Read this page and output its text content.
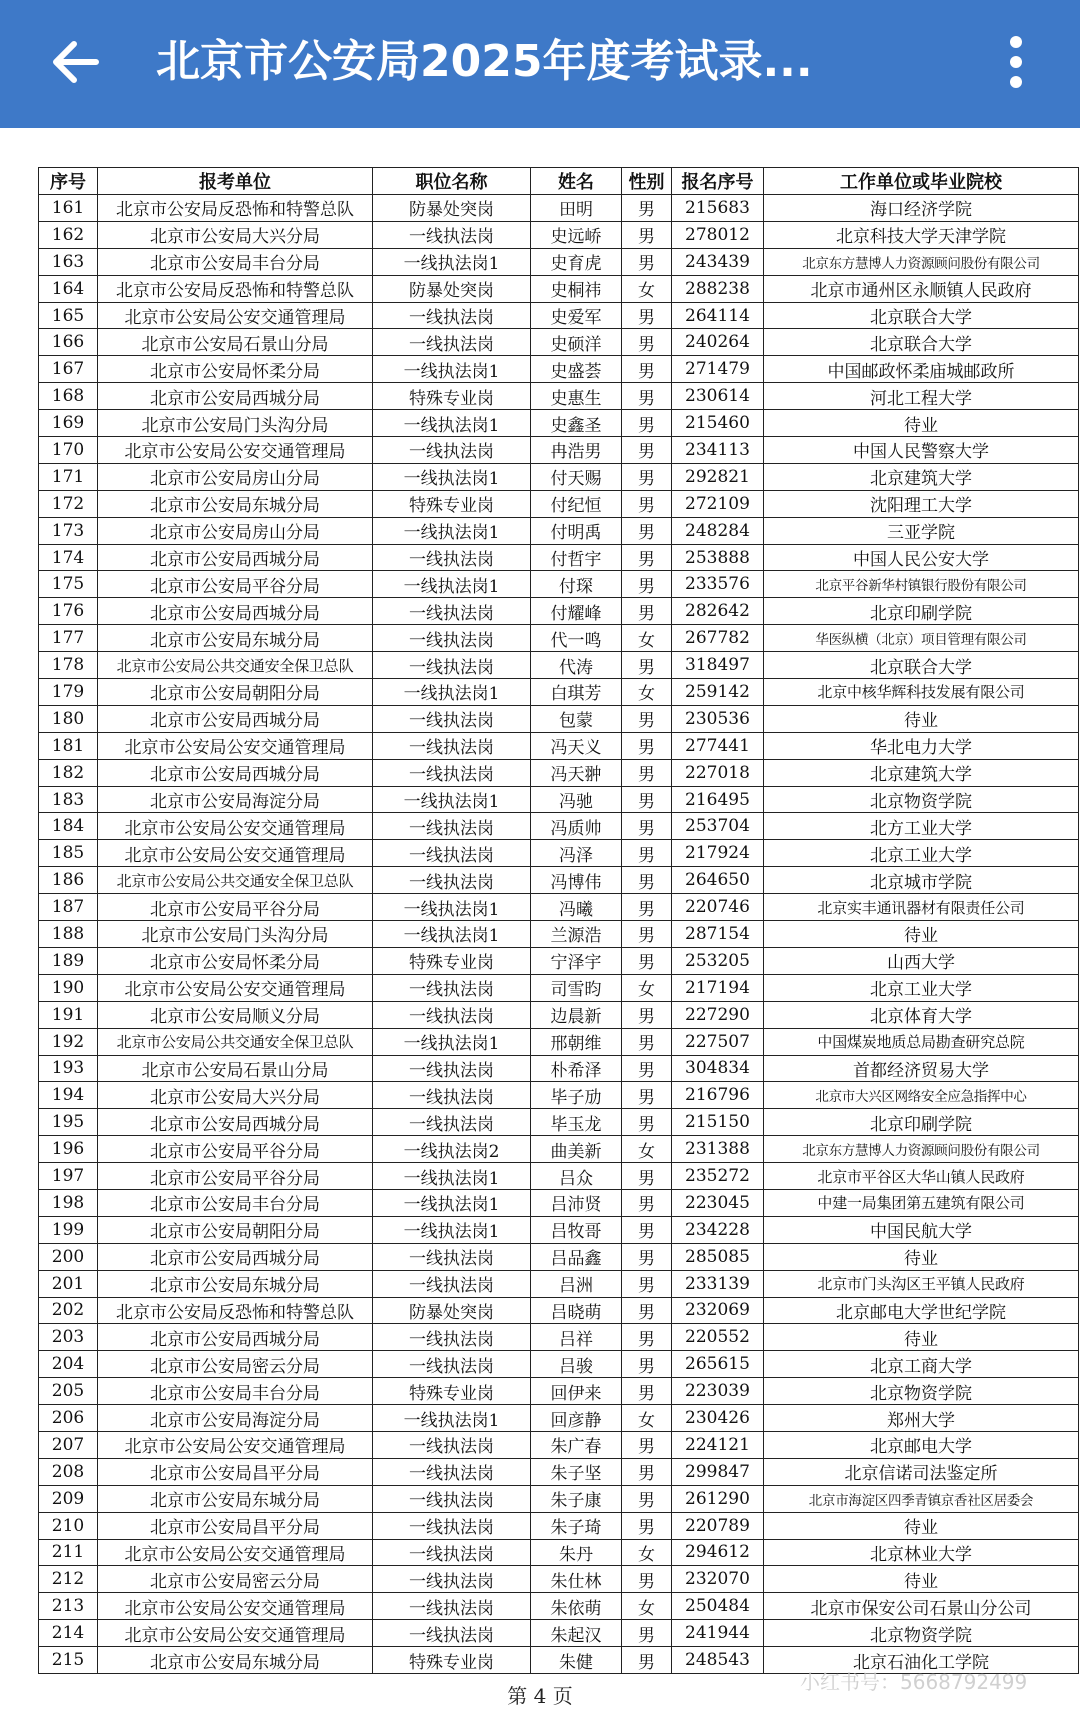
北京市公安局2025年度考试录...
序号	报考单位	职位名称	姓名	性别	报名序号	工作单位或毕业院校
161	北京市公安局反恐怖和特警总队	防暴处突岗	田明	男	215683	海口经济学院
162	北京市公安局大兴分局	一线执法岗	史远峤	男	278012	北京科技大学天津学院
163	北京市公安局丰台分局	一线执法岗1	史育虎	男	243439	北京东方慧博人力资源顾问股份有限公司
164	北京市公安局反恐怖和特警总队	防暴处突岗	史桐祎	女	288238	北京市通州区永顺镇人民政府
165	北京市公安局公安交通管理局	一线执法岗	史爱军	男	264114	北京联合大学
166	北京市公安局石景山分局	一线执法岗	史硕洋	男	240264	北京联合大学
167	北京市公安局怀柔分局	一线执法岗1	史盛荟	男	271479	中国邮政怀柔庙城邮政所
168	北京市公安局西城分局	特殊专业岗	史惠生	男	230614	河北工程大学
169	北京市公安局门头沟分局	一线执法岗1	史鑫圣	男	215460	待业
170	北京市公安局公安交通管理局	一线执法岗	冉浩男	男	234113	中国人民警察大学
171	北京市公安局房山分局	一线执法岗1	付天赐	男	292821	北京建筑大学
172	北京市公安局东城分局	特殊专业岗	付纪恒	男	272109	沈阳理工大学
173	北京市公安局房山分局	一线执法岗1	付明禹	男	248284	三亚学院
174	北京市公安局西城分局	一线执法岗	付哲宇	男	253888	中国人民公安大学
175	北京市公安局平谷分局	一线执法岗1	付琛	男	233576	北京平谷新华村镇银行股份有限公司
176	北京市公安局西城分局	一线执法岗	付耀峰	男	282642	北京印刷学院
177	北京市公安局东城分局	一线执法岗	代一鸣	女	267782	华医纵横（北京）项目管理有限公司
178	北京市公安局公共交通安全保卫总队	一线执法岗	代涛	男	318497	北京联合大学
179	北京市公安局朝阳分局	一线执法岗1	白琪芳	女	259142	北京中核华辉科技发展有限公司
180	北京市公安局西城分局	一线执法岗	包蒙	男	230536	待业
181	北京市公安局公安交通管理局	一线执法岗	冯天义	男	277441	华北电力大学
182	北京市公安局西城分局	一线执法岗	冯天翀	男	227018	北京建筑大学
183	北京市公安局海淀分局	一线执法岗1	冯驰	男	216495	北京物资学院
184	北京市公安局公安交通管理局	一线执法岗	冯质帅	男	253704	北方工业大学
185	北京市公安局公安交通管理局	一线执法岗	冯泽	男	217924	北京工业大学
186	北京市公安局公共交通安全保卫总队	一线执法岗	冯博伟	男	264650	北京城市学院
187	北京市公安局平谷分局	一线执法岗1	冯曦	男	220746	北京实丰通讯器材有限责任公司
188	北京市公安局门头沟分局	一线执法岗1	兰源浩	男	287154	待业
189	北京市公安局怀柔分局	特殊专业岗	宁泽宇	男	253205	山西大学
190	北京市公安局公安交通管理局	一线执法岗	司雪昀	女	217194	北京工业大学
191	北京市公安局顺义分局	一线执法岗	边晨新	男	227290	北京体育大学
192	北京市公安局公共交通安全保卫总队	一线执法岗1	邢朝维	男	227507	中国煤炭地质总局勘查研究总院
193	北京市公安局石景山分局	一线执法岗	朴希泽	男	304834	首都经济贸易大学
194	北京市公安局大兴分局	一线执法岗	毕子劢	男	216796	北京市大兴区网络安全应急指挥中心
195	北京市公安局西城分局	一线执法岗	毕玉龙	男	215150	北京印刷学院
196	北京市公安局平谷分局	一线执法岗2	曲美新	女	231388	北京东方慧博人力资源顾问股份有限公司
197	北京市公安局平谷分局	一线执法岗1	吕众	男	235272	北京市平谷区大华山镇人民政府
198	北京市公安局丰台分局	一线执法岗1	吕沛贤	男	223045	中建一局集团第五建筑有限公司
199	北京市公安局朝阳分局	一线执法岗1	吕牧哥	男	234228	中国民航大学
200	北京市公安局西城分局	一线执法岗	吕品鑫	男	285085	待业
201	北京市公安局东城分局	一线执法岗	吕洲	男	233139	北京市门头沟区王平镇人民政府
202	北京市公安局反恐怖和特警总队	防暴处突岗	吕晓萌	男	232069	北京邮电大学世纪学院
203	北京市公安局西城分局	一线执法岗	吕祥	男	220552	待业
204	北京市公安局密云分局	一线执法岗	吕骏	男	265615	北京工商大学
205	北京市公安局丰台分局	特殊专业岗	回伊来	男	223039	北京物资学院
206	北京市公安局海淀分局	一线执法岗1	回彦静	女	230426	郑州大学
207	北京市公安局公安交通管理局	一线执法岗	朱广春	男	224121	北京邮电大学
208	北京市公安局昌平分局	一线执法岗	朱子坚	男	299847	北京信诺司法鉴定所
209	北京市公安局东城分局	一线执法岗	朱子康	男	261290	北京市海淀区四季青镇京香社区居委会
210	北京市公安局昌平分局	一线执法岗	朱子琦	男	220789	待业
211	北京市公安局公安交通管理局	一线执法岗	朱丹	女	294612	北京林业大学
212	北京市公安局密云分局	一线执法岗	朱仕林	男	232070	待业
213	北京市公安局公安交通管理局	一线执法岗	朱依萌	女	250484	北京市保安公司石景山分公司
214	北京市公安局公安交通管理局	一线执法岗	朱起汉	男	241944	北京物资学院
215	北京市公安局东城分局	特殊专业岗	朱健	男	248543	北京石油化工学院
第 4 页
小红书号：5668792499
